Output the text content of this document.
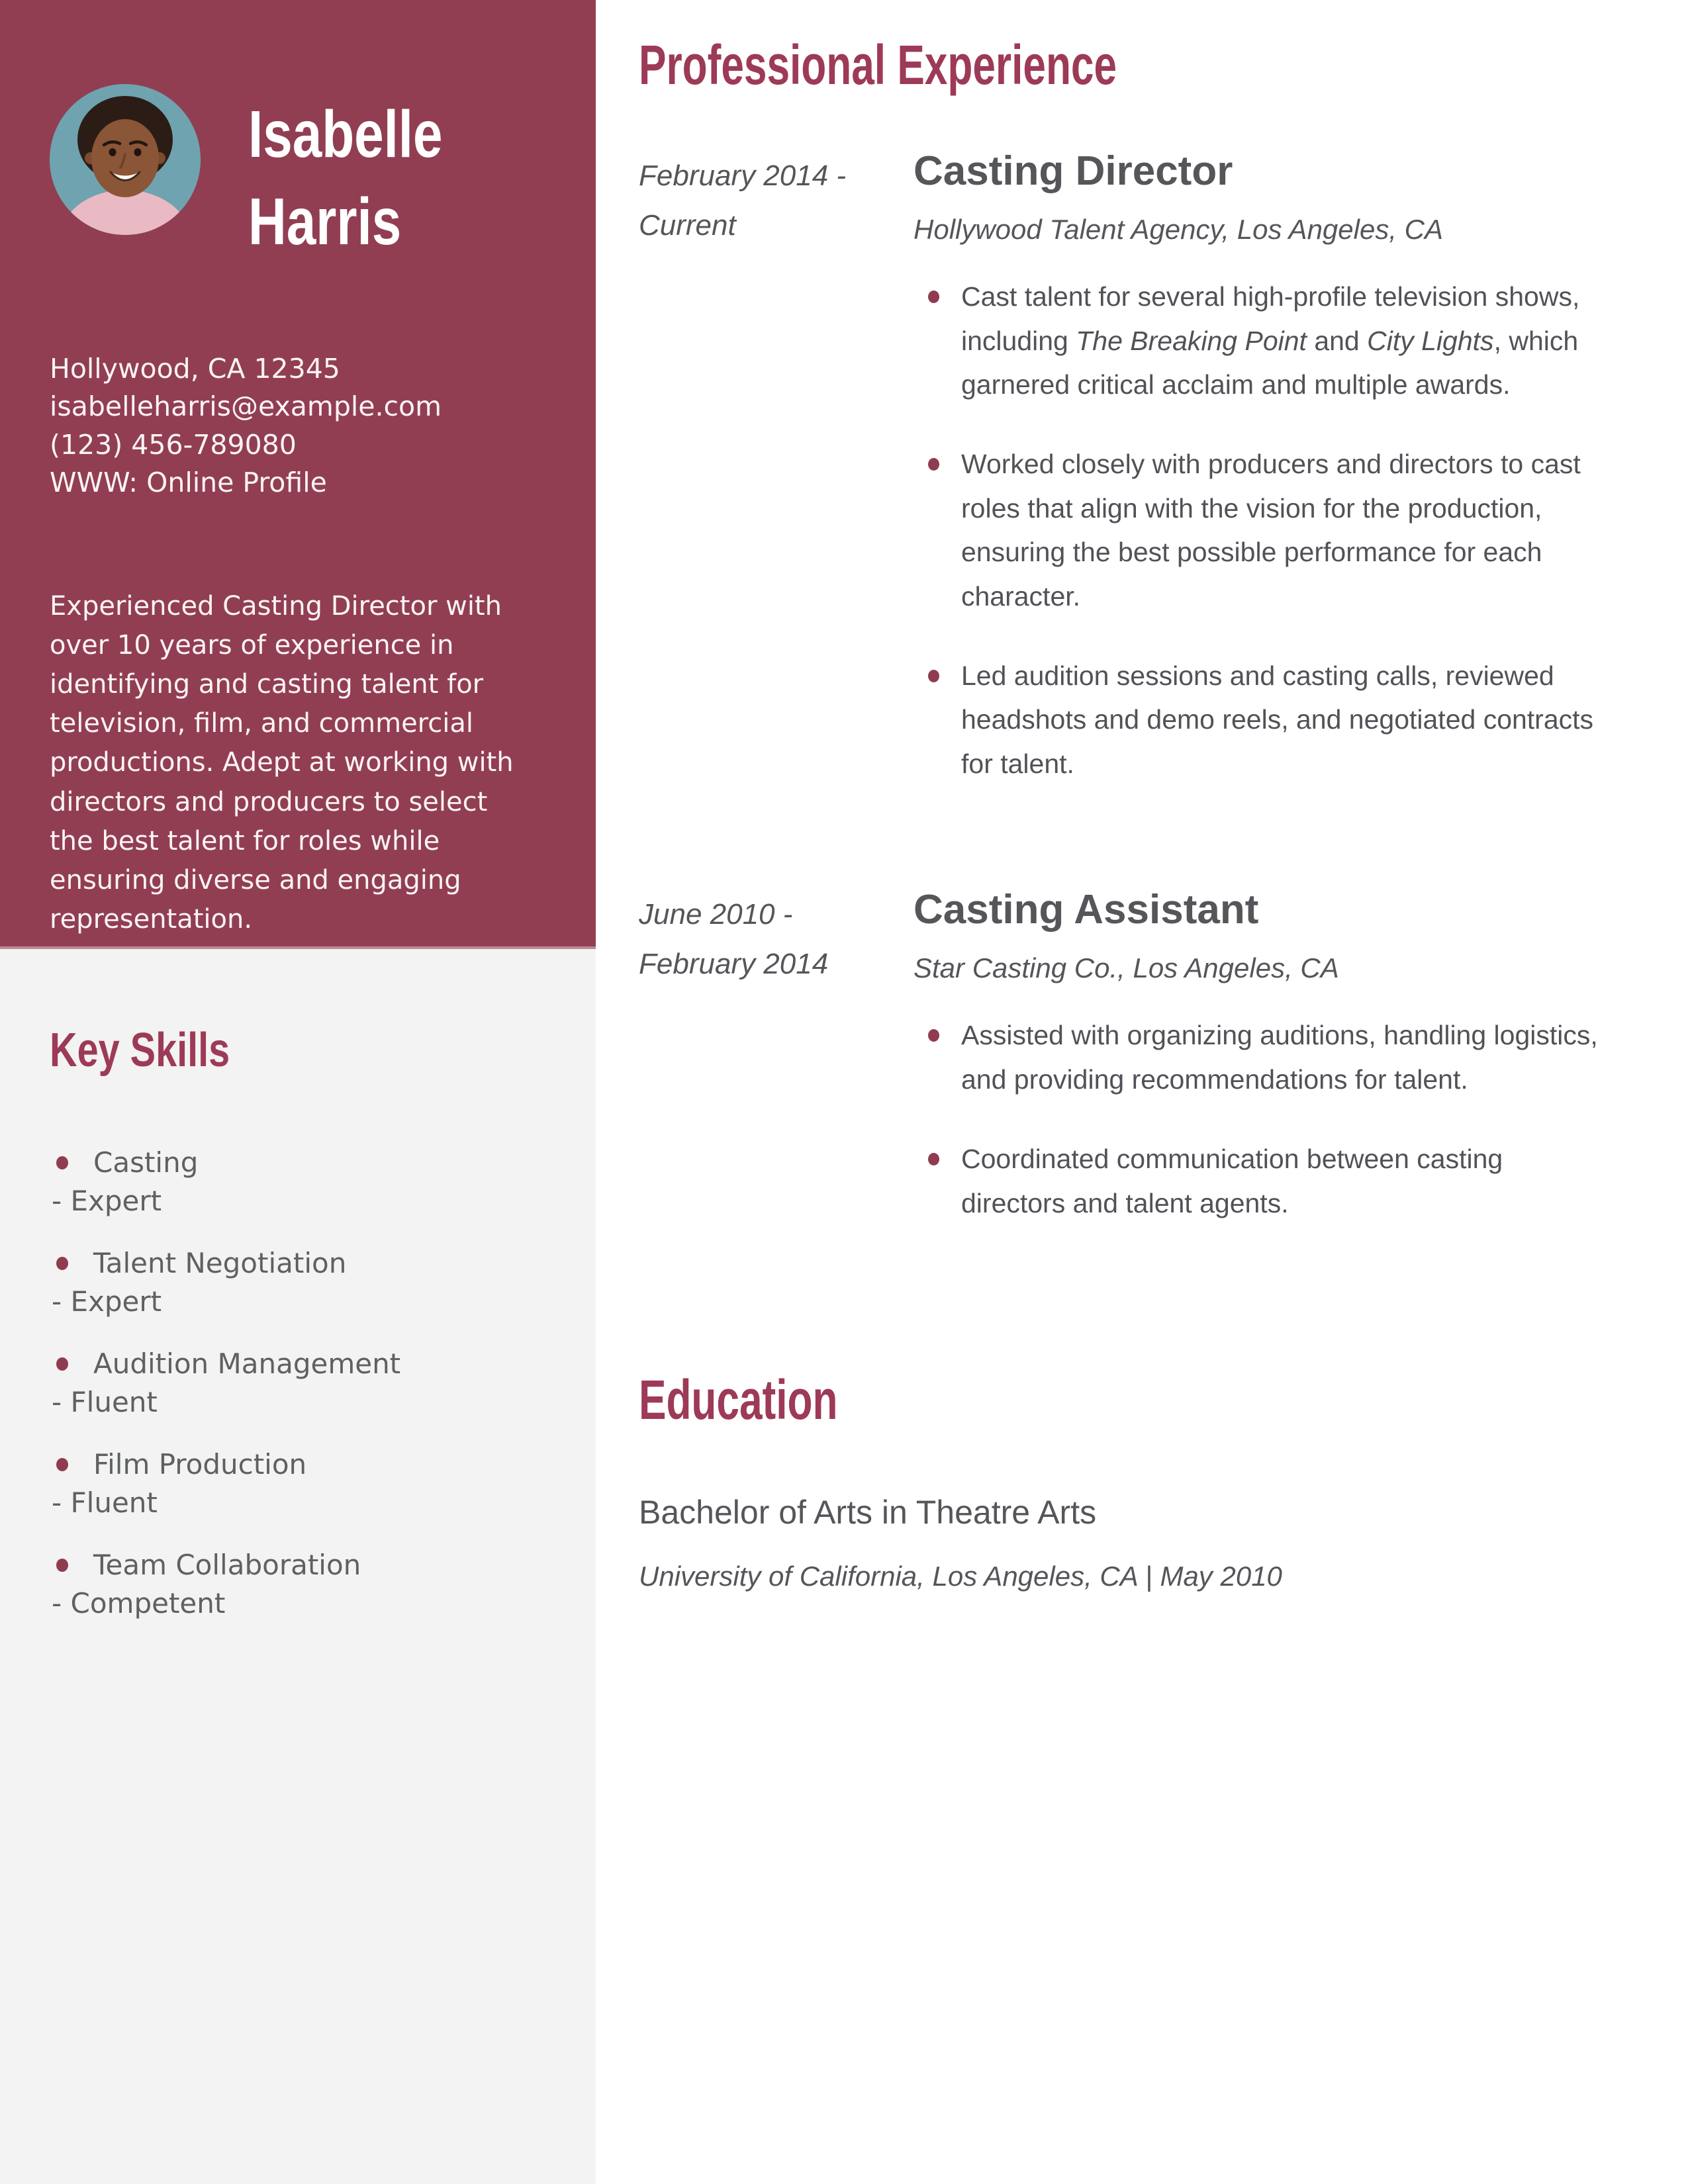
Isabelle
Harris
Hollywood, CA 12345
isabelleharris@example.com
(123) 456-789080
WWW: Online Profile

Experienced Casting Director with over 10 years of experience in identifying and casting talent for television, film, and commercial productions. Adept at working with directors and producers to select the best talent for roles while ensuring diverse and engaging representation.

Key Skills
Casting
- Expert
Talent Negotiation
- Expert
Audition Management
- Fluent
Film Production
- Fluent
Team Collaboration
- Competent
Professional Experience
February 2014 -
Current
Casting Director
Hollywood Talent Agency, Los Angeles, CA
Cast talent for several high-profile television shows, including The Breaking Point and City Lights, which garnered critical acclaim and multiple awards.
Worked closely with producers and directors to cast roles that align with the vision for the production, ensuring the best possible performance for each character.
Led audition sessions and casting calls, reviewed headshots and demo reels, and negotiated contracts for talent.
June 2010 -
February 2014
Casting Assistant
Star Casting Co., Los Angeles, CA
Assisted with organizing auditions, handling logistics, and providing recommendations for talent.
Coordinated communication between casting directors and talent agents.
Education
Bachelor of Arts in Theatre Arts
University of California, Los Angeles, CA | May 2010
